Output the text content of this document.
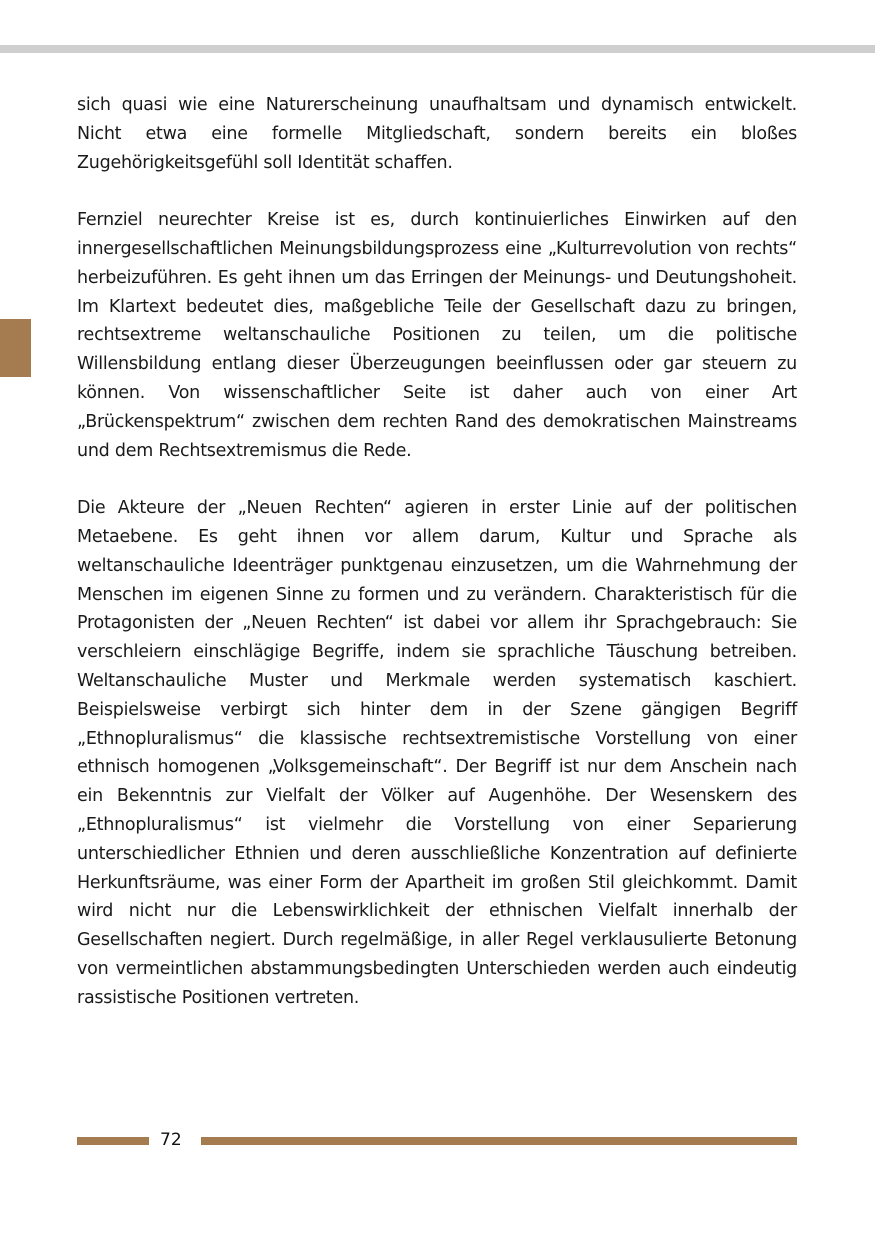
sich quasi wie eine Naturerscheinung unaufhaltsam und dynamisch entwickelt. Nicht etwa eine formelle Mitgliedschaft, sondern bereits ein bloßes Zugehörigkeitsgefühl soll Identität schaffen.

Fernziel neurechter Kreise ist es, durch kontinuierliches Einwirken auf den innergesellschaftlichen Meinungsbildungsprozess eine „Kulturrevolution von rechts“ herbeizuführen. Es geht ihnen um das Erringen der Meinungs- und Deutungshoheit. Im Klartext bedeutet dies, maßgebliche Teile der Gesellschaft dazu zu bringen, rechtsextreme weltanschauliche Positionen zu teilen, um die politische Willensbildung entlang dieser Überzeugungen beeinflussen oder gar steuern zu können. Von wissenschaftlicher Seite ist daher auch von einer Art „Brückenspektrum“ zwischen dem rechten Rand des demokratischen Mainstreams und dem Rechtsextremismus die Rede.

Die Akteure der „Neuen Rechten“ agieren in erster Linie auf der politischen Metaebene. Es geht ihnen vor allem darum, Kultur und Sprache als weltanschauliche Ideenträger punktgenau einzusetzen, um die Wahrnehmung der Menschen im eigenen Sinne zu formen und zu verändern. Charakteristisch für die Protagonisten der „Neuen Rechten“ ist dabei vor allem ihr Sprachgebrauch: Sie verschleiern einschlägige Begriffe, indem sie sprachliche Täuschung betreiben. Weltanschauliche Muster und Merkmale werden systematisch kaschiert. Beispielsweise verbirgt sich hinter dem in der Szene gängigen Begriff „Ethnopluralismus“ die klassische rechtsextremistische Vorstellung von einer ethnisch homogenen „Volksgemeinschaft“. Der Begriff ist nur dem Anschein nach ein Bekenntnis zur Vielfalt der Völker auf Augenhöhe. Der Wesenskern des „Ethnopluralismus“ ist vielmehr die Vorstellung von einer Separierung unterschiedlicher Ethnien und deren ausschließliche Konzentration auf definierte Herkunftsräume, was einer Form der Apartheit im großen Stil gleichkommt. Damit wird nicht nur die Lebenswirklichkeit der ethnischen Vielfalt innerhalb der Gesellschaften negiert. Durch regelmäßige, in aller Regel verklausulierte Betonung von vermeintlichen abstammungsbedingten Unterschieden werden auch eindeutig rassistische Positionen vertreten.

72
